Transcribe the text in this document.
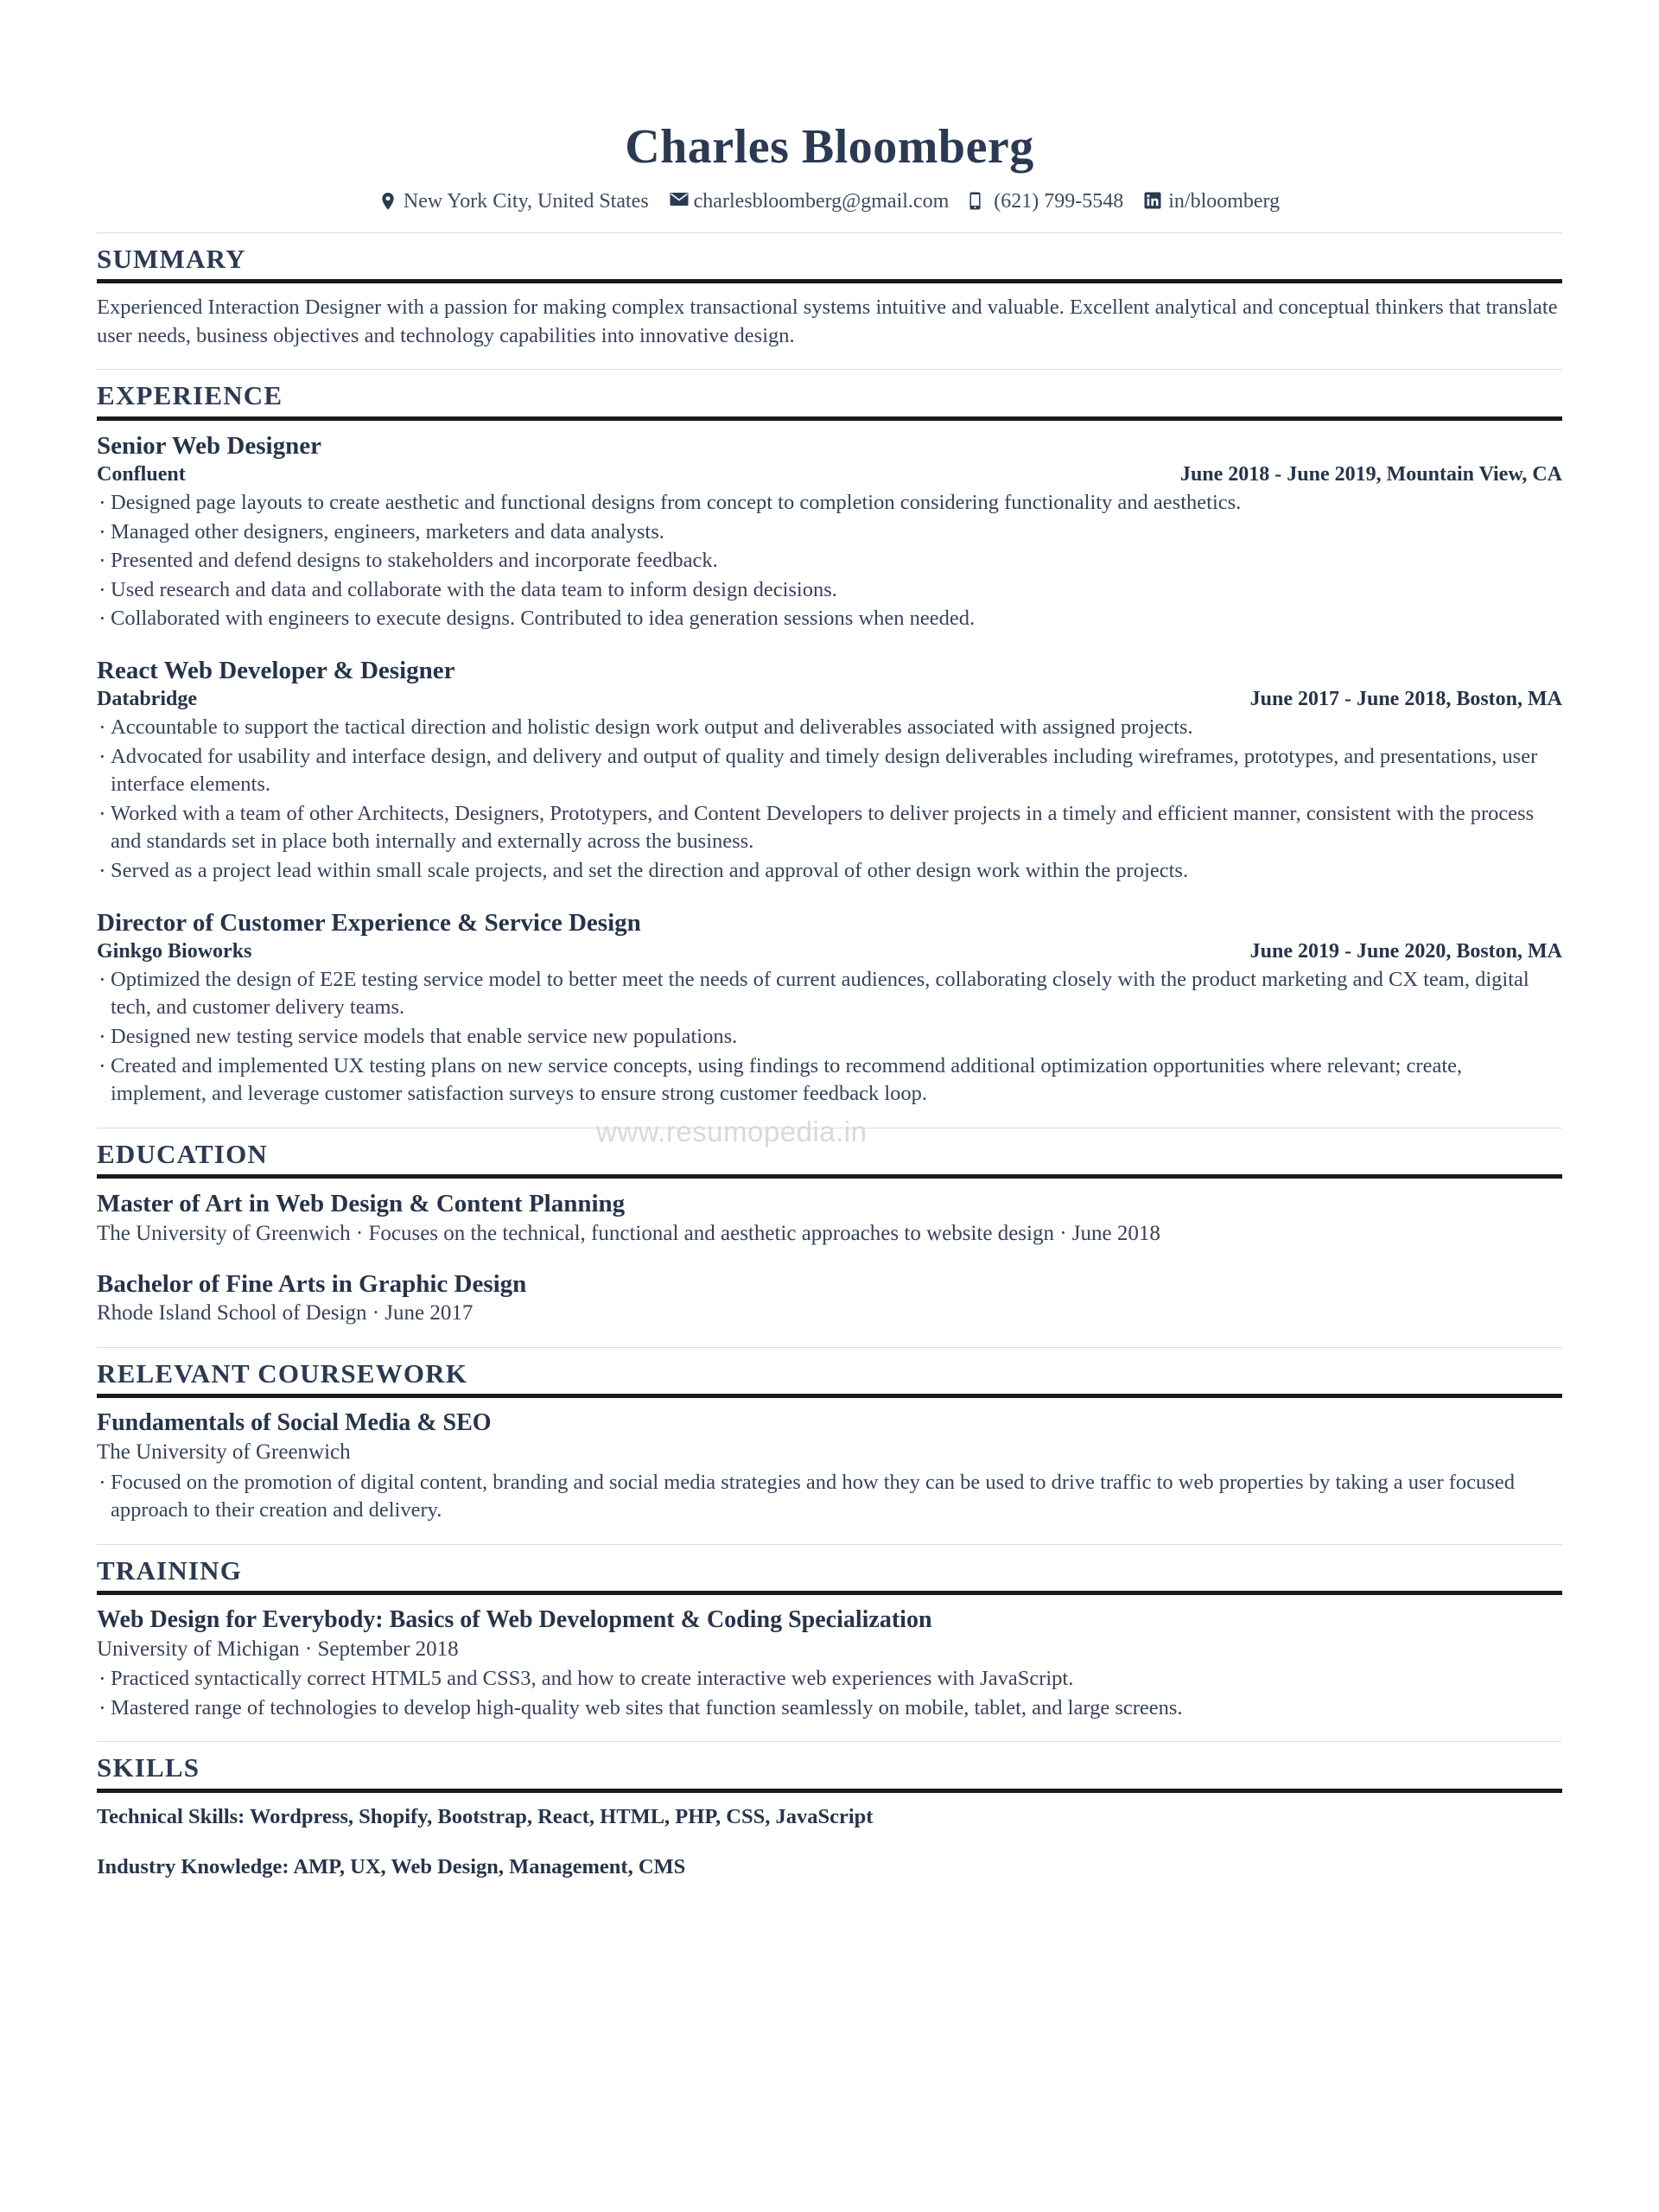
Charles Bloomberg
New York City, United States charlesbloomberg@gmail.com (621) 799-5548 in/bloomberg
SUMMARY

Experienced Interaction Designer with a passion for making complex transactional systems intuitive and valuable. Excellent analytical and conceptual thinkers that translate user needs, business objectives and technology capabilities into innovative design.

EXPERIENCE
Senior Web Designer
Confluent	June 2018 - June 2019, Mountain View, CA
· Designed page layouts to create aesthetic and functional designs from concept to completion considering functionality and aesthetics.
· Managed other designers, engineers, marketers and data analysts.
· Presented and defend designs to stakeholders and incorporate feedback.
· Used research and data and collaborate with the data team to inform design decisions.
· Collaborated with engineers to execute designs. Contributed to idea generation sessions when needed.
React Web Developer & Designer
Databridge	June 2017 - June 2018, Boston, MA
· Accountable to support the tactical direction and holistic design work output and deliverables associated with assigned projects.
· Advocated for usability and interface design, and delivery and output of quality and timely design deliverables including wireframes, prototypes, and presentations, user interface elements.
· Worked with a team of other Architects, Designers, Prototypers, and Content Developers to deliver projects in a timely and efficient manner, consistent with the process and standards set in place both internally and externally across the business.
· Served as a project lead within small scale projects, and set the direction and approval of other design work within the projects.
Director of Customer Experience & Service Design
Ginkgo Bioworks	June 2019 - June 2020, Boston, MA
· Optimized the design of E2E testing service model to better meet the needs of current audiences, collaborating closely with the product marketing and CX team, digital tech, and customer delivery teams.
· Designed new testing service models that enable service new populations.
· Created and implemented UX testing plans on new service concepts, using findings to recommend additional optimization opportunities where relevant; create, implement, and leverage customer satisfaction surveys to ensure strong customer feedback loop.
EDUCATION
Master of Art in Web Design & Content Planning
The University of Greenwich · Focuses on the technical, functional and aesthetic approaches to website design · June 2018
Bachelor of Fine Arts in Graphic Design
Rhode Island School of Design · June 2017
RELEVANT COURSEWORK
Fundamentals of Social Media & SEO
The University of Greenwich
· Focused on the promotion of digital content, branding and social media strategies and how they can be used to drive traffic to web properties by taking a user focused approach to their creation and delivery.
TRAINING
Web Design for Everybody: Basics of Web Development & Coding Specialization
University of Michigan · September 2018
· Practiced syntactically correct HTML5 and CSS3, and how to create interactive web experiences with JavaScript.
· Mastered range of technologies to develop high-quality web sites that function seamlessly on mobile, tablet, and large screens.
SKILLS
Technical Skills: Wordpress, Shopify, Bootstrap, React, HTML, PHP, CSS, JavaScript
Industry Knowledge: AMP, UX, Web Design, Management, CMS
www.resumopedia.in
